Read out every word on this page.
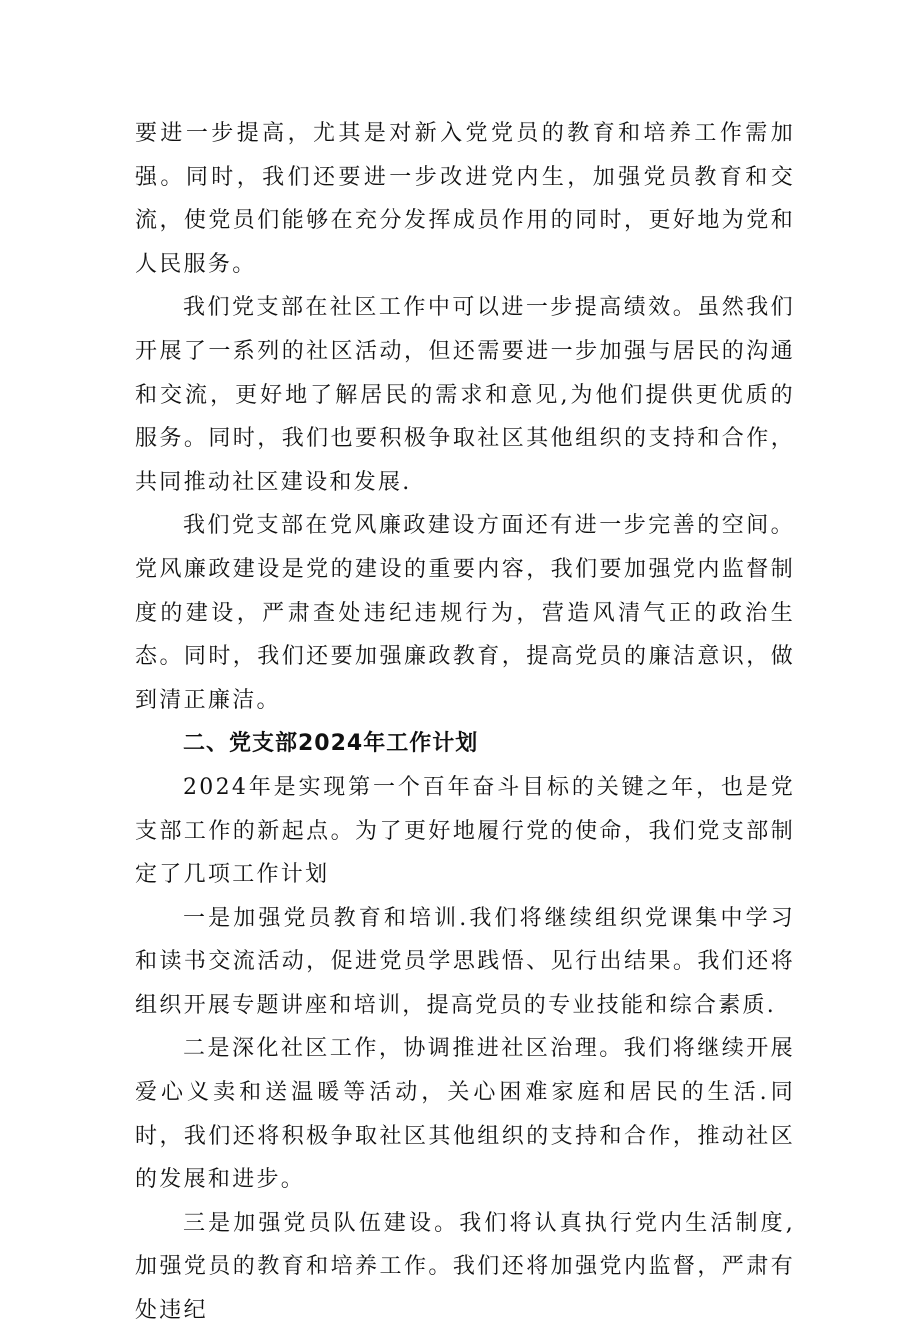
要进一步提高，尤其是对新入党党员的教育和培养工作需加强。同时，我们还要进一步改进党内生，加强党员教育和交流，使党员们能够在充分发挥成员作用的同时，更好地为党和人民服务。

我们党支部在社区工作中可以进一步提高绩效。虽然我们开展了一系列的社区活动，但还需要进一步加强与居民的沟通和交流，更好地了解居民的需求和意见,为他们提供更优质的服务。同时，我们也要积极争取社区其他组织的支持和合作，共同推动社区建设和发展.

我们党支部在党风廉政建设方面还有进一步完善的空间。党风廉政建设是党的建设的重要内容，我们要加强党内监督制度的建设，严肃查处违纪违规行为，营造风清气正的政治生态。同时，我们还要加强廉政教育，提高党员的廉洁意识，做到清正廉洁。

二、党支部2024年工作计划

2024年是实现第一个百年奋斗目标的关键之年，也是党支部工作的新起点。为了更好地履行党的使命，我们党支部制定了几项工作计划

一是加强党员教育和培训.我们将继续组织党课集中学习和读书交流活动，促进党员学思践悟、见行出结果。我们还将组织开展专题讲座和培训，提高党员的专业技能和综合素质.

二是深化社区工作，协调推进社区治理。我们将继续开展爱心义卖和送温暖等活动，关心困难家庭和居民的生活.同时，我们还将积极争取社区其他组织的支持和合作，推动社区的发展和进步。

三是加强党员队伍建设。我们将认真执行党内生活制度,加强党员的教育和培养工作。我们还将加强党内监督，严肃有处违纪
